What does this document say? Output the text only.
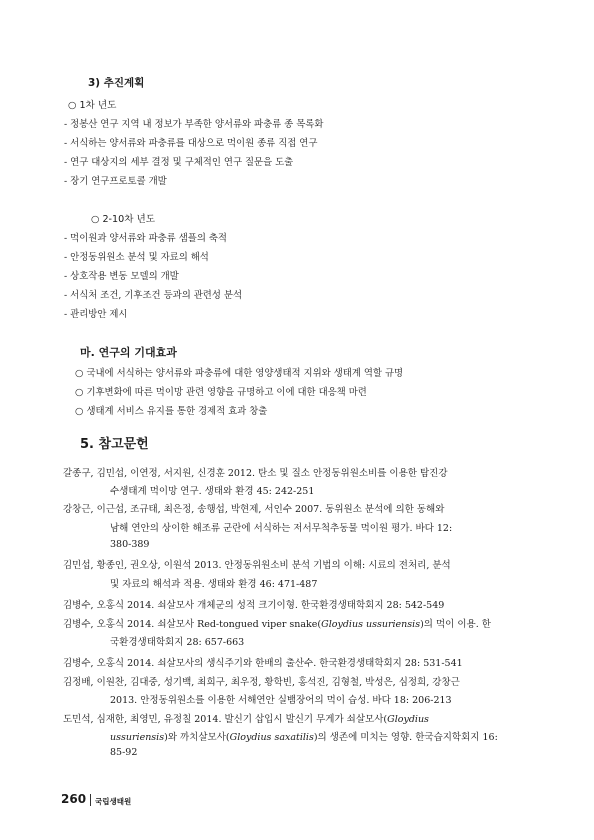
3) 추진계획
○ 1차 년도
- 정봉산 연구 지역 내 정보가 부족한 양서류와 파충류 종 목록화
- 서식하는 양서류와 파충류를 대상으로 먹이원 종류 직접 연구
- 연구 대상지의 세부 결정 및 구체적인 연구 질문을 도출
- 장기 연구프로토콜 개발
○ 2-10차 년도
- 먹이원과 양서류와 파충류 샘플의 축적
- 안정동위원소 분석 및 자료의 해석
- 상호작용 변동 모델의 개발
- 서식처 조건, 기후조건 등과의 관련성 분석
- 관리방안 제시
마. 연구의 기대효과
○ 국내에 서식하는 양서류와 파충류에 대한 영양생태적 지위와 생태계 역할 규명
○ 기후변화에 따른 먹이망 관련 영향을 규명하고 이에 대한 대응책 마련
○ 생태계 서비스 유지를 통한 경제적 효과 창출
5. 참고문헌
갈종구, 김민섭, 이연정, 서지원, 신경훈 2012. 탄소 및 질소 안정동위원소비를 이용한 탐진강
수생태계 먹이망 연구. 생태와 환경 45: 242-251
강창근, 이근섭, 조규태, 최은정, 송행섭, 박현제, 서인수 2007. 동위원소 분석에 의한 동해와
남해 연안의 상이한 해조류 군란에 서식하는 저서무척추동물 먹이원 평가. 바다 12:
380-389
김민섭, 황종인, 권오상, 이원석 2013. 안정동위원소비 분석 기법의 이해: 시료의 전처리, 분석
및 자료의 해석과 적용. 생태와 환경 46: 471-487
김병수, 오홍식 2014. 쇠살모사 개체군의 성적 크기이형. 한국환경생태학회지 28: 542-549
김병수, 오홍식 2014. 쇠살모사 Red-tongued viper snake(Gloydius ussuriensis)의 먹이 이용. 한
국환경생태학회지 28: 657-663
김병수, 오홍식 2014. 쇠살모사의 생식주기와 한배의 출산수. 한국환경생태학회지 28: 531-541
김정배, 이원찬, 김대중, 성기백, 최희구, 최우정, 황학빈, 홍석진, 김형철, 박성은, 심정희, 강창근
2013. 안정동위원소를 이용한 서해연안 실뱀장어의 먹이 습성. 바다 18: 206-213
도민석, 심재한, 최영민, 유정칠 2014. 발신기 삽입시 발신기 무게가 쇠살모사(Gloydius
ussuriensis)와 까치살모사(Gloydius saxatilis)의 생존에 미치는 영향. 한국습지학회지 16:
85-92
260 국립생태원
